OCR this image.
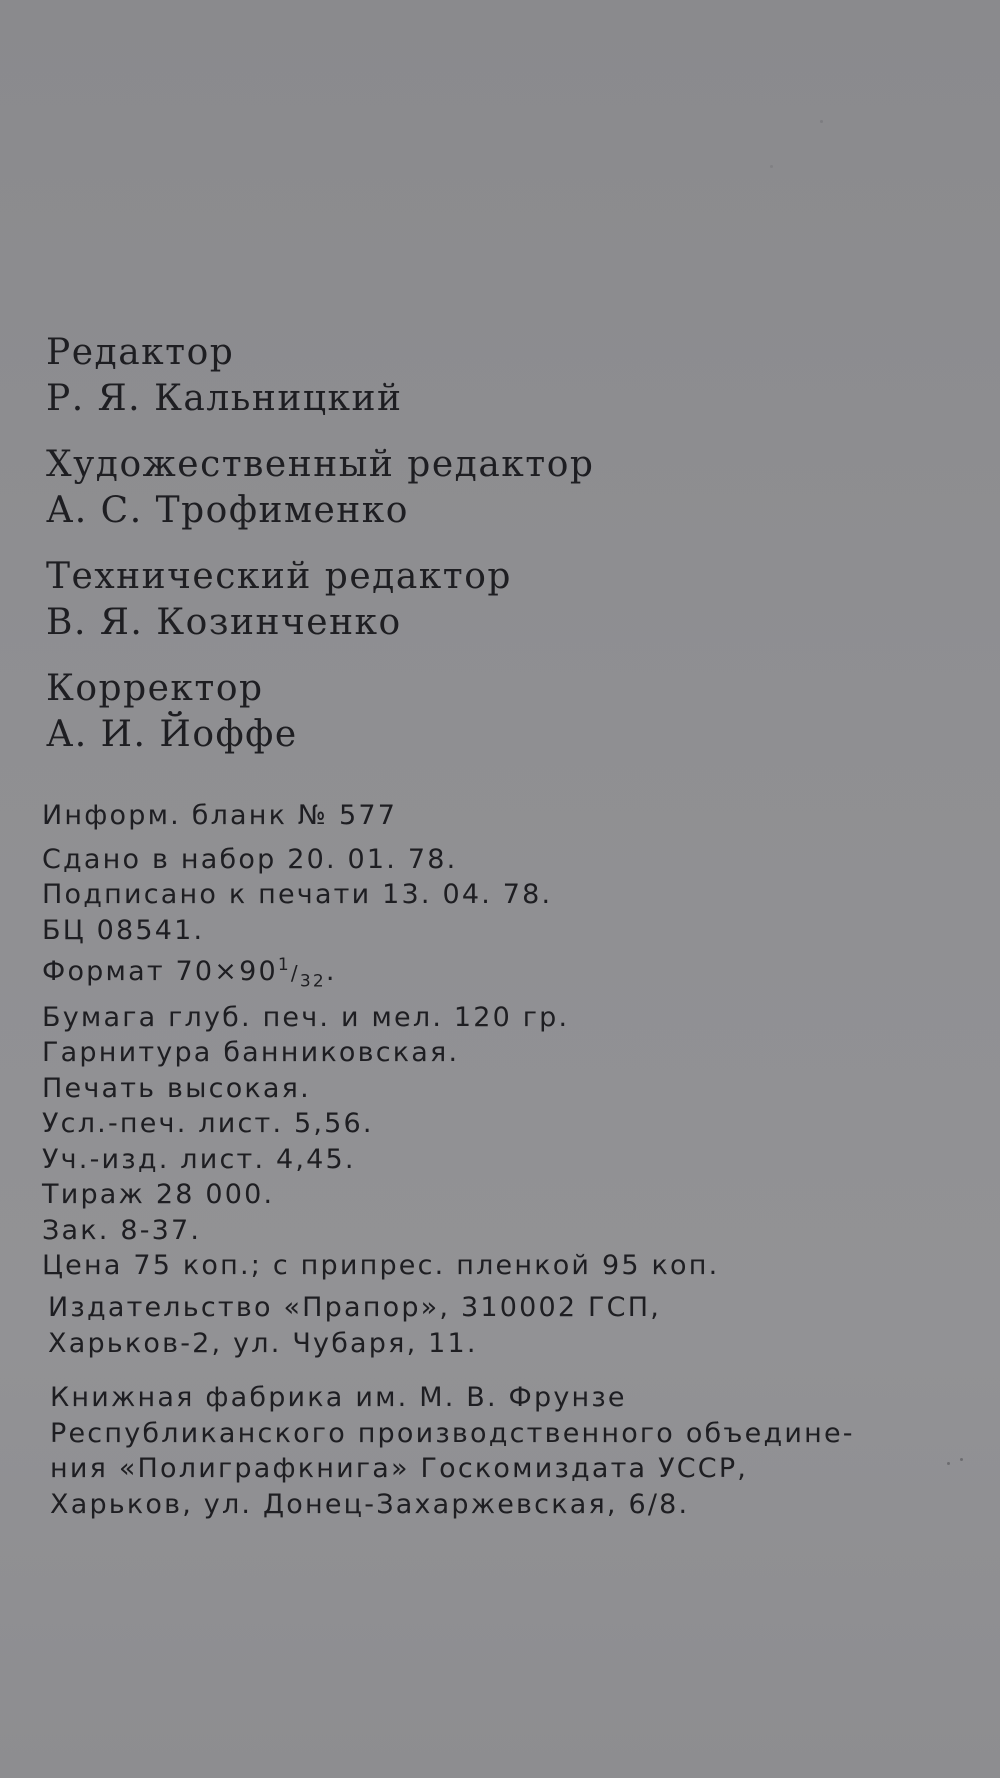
Редактор
Р. Я. Кальницкий
Художественный редактор
А. С. Трофименко
Технический редактор
В. Я. Козинченко
Корректор
А. И. Йоффе
Информ. бланк № 577
Сдано в набор 20. 01. 78.
Подписано к печати 13. 04. 78.
БЦ 08541.
Формат $70\times 90^1/_{32}$.
Бумага глуб. печ. и мел. 120 гр.
Гарнитура банниковская.
Печать высокая.
Усл.-печ. лист. 5,56.
Уч.-изд. лист. 4,45.
Тираж 28 000.
Зак. 8-37.
Цена 75 коп.; с припрес. пленкой 95 коп.
Издательство «Прапор», 310002 ГСП,
Харьков-2, ул. Чубаря, 11.
Книжная фабрика им. М. В. Фрунзе
Республиканского производственного объедине-
ния «Полиграфкнига» Госкомиздата УССР,
Харьков, ул. Донец-Захаржевская, 6/8.
